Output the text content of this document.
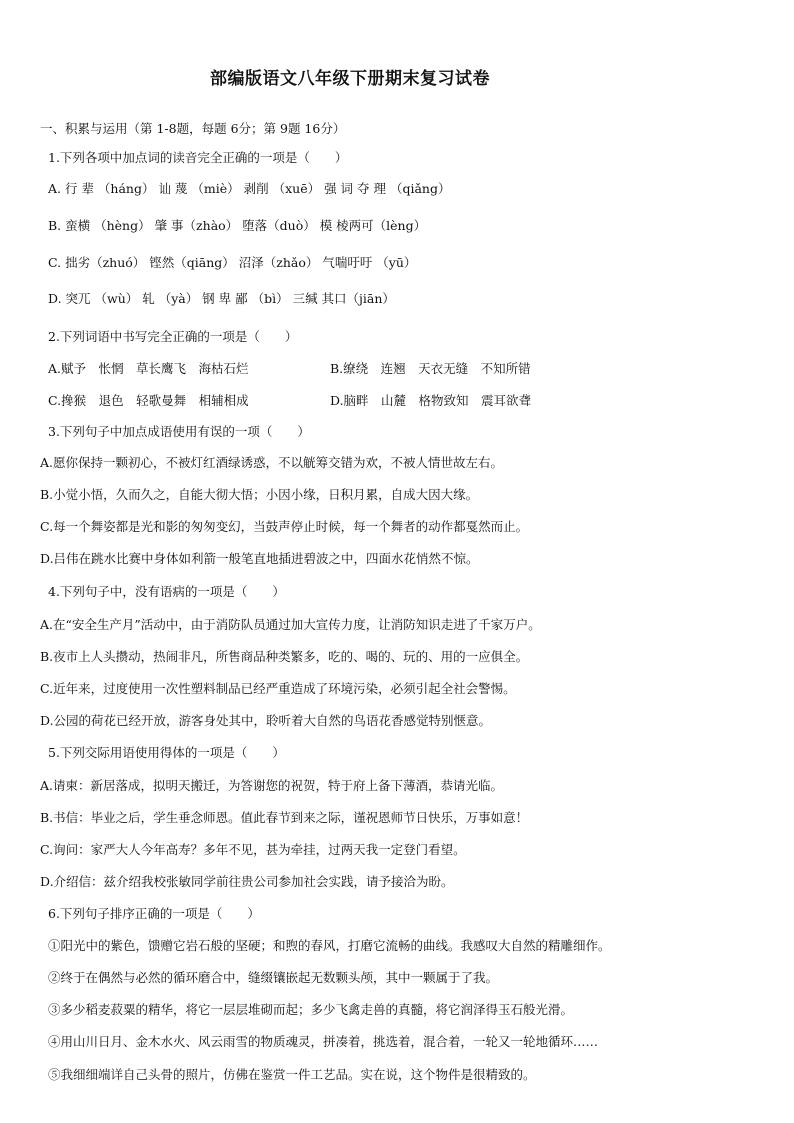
部编版语文八年级下册期末复习试卷
一、积累与运用（第 1-8题，每题 6分；第 9题 16分）
1.下列各项中加点词的读音完全正确的一项是（　　）
A. 行 辈 （háng） 讪 蔑 （miè） 剥削 （xuē） 强 词 夺 理 （qiǎng）
B. 蛮横 （hèng） 肇 事（zhào） 堕落（duò） 模 棱两可（lèng）
C. 拙劣（zhuó） 铿然（qiāng） 沼泽（zhǎo） 气喘吁吁 （yū）
D. 突兀 （wù） 轧 （yà） 钢 卑 鄙 （bì） 三缄 其口（jiān）
2.下列词语中书写完全正确的一项是（　　）
A.赋予　怅惘　草长鹰飞　海枯石烂	B.缭绕　连翘　天衣无缝　不知所错
C.搀猴　退色　轻歌曼舞　相辅相成	D.脑畔　山麓　格物致知　震耳欲聋
3.下列句子中加点成语使用有误的一项（　　）
A.愿你保持一颗初心，不被灯红酒绿诱惑，不以觥筹交错为欢，不被人情世故左右。
B.小觉小悟，久而久之，自能大彻大悟；小因小缘，日积月累，自成大因大缘。
C.每一个舞姿都是光和影的匆匆变幻，当鼓声停止时候，每一个舞者的动作都戛然而止。
D.吕伟在跳水比赛中身体如利箭一般笔直地插进碧波之中，四面水花悄然不惊。
4.下列句子中，没有语病的一项是（　　）
A.在“安全生产月”活动中，由于消防队员通过加大宣传力度，让消防知识走进了千家万户。
B.夜市上人头攒动，热闹非凡，所售商品种类繁多，吃的、喝的、玩的、用的一应俱全。
C.近年来，过度使用一次性塑料制品已经严重造成了环境污染，必须引起全社会警惕。
D.公园的荷花已经开放，游客身处其中，聆听着大自然的鸟语花香感觉特别惬意。
5.下列交际用语使用得体的一项是（　　）
A.请柬：新居落成，拟明天搬迁，为答谢您的祝贺，特于府上备下薄酒，恭请光临。
B.书信：毕业之后，学生垂念师恩。值此春节到来之际，谨祝恩师节日快乐，万事如意！
C.询问：家严大人今年高寿？多年不见，甚为牵挂，过两天我一定登门看望。
D.介绍信：兹介绍我校张敏同学前往贵公司参加社会实践，请予接洽为盼。
6.下列句子排序正确的一项是（　　）
①阳光中的紫色，馈赠它岩石般的坚硬；和煦的春风，打磨它流畅的曲线。我感叹大自然的精雕细作。
②终于在偶然与必然的循环磨合中，缝缀镶嵌起无数颗头颅，其中一颗属于了我。
③多少稻麦菽粟的精华，将它一层层堆砌而起；多少飞禽走兽的真髓，将它润泽得玉石般光滑。
④用山川日月、金木水火、风云雨雪的物质魂灵，拼凑着，挑选着，混合着，一轮又一轮地循环……
⑤我细细端详自己头骨的照片，仿佛在鉴赏一件工艺品。实在说，这个物件是很精致的。
